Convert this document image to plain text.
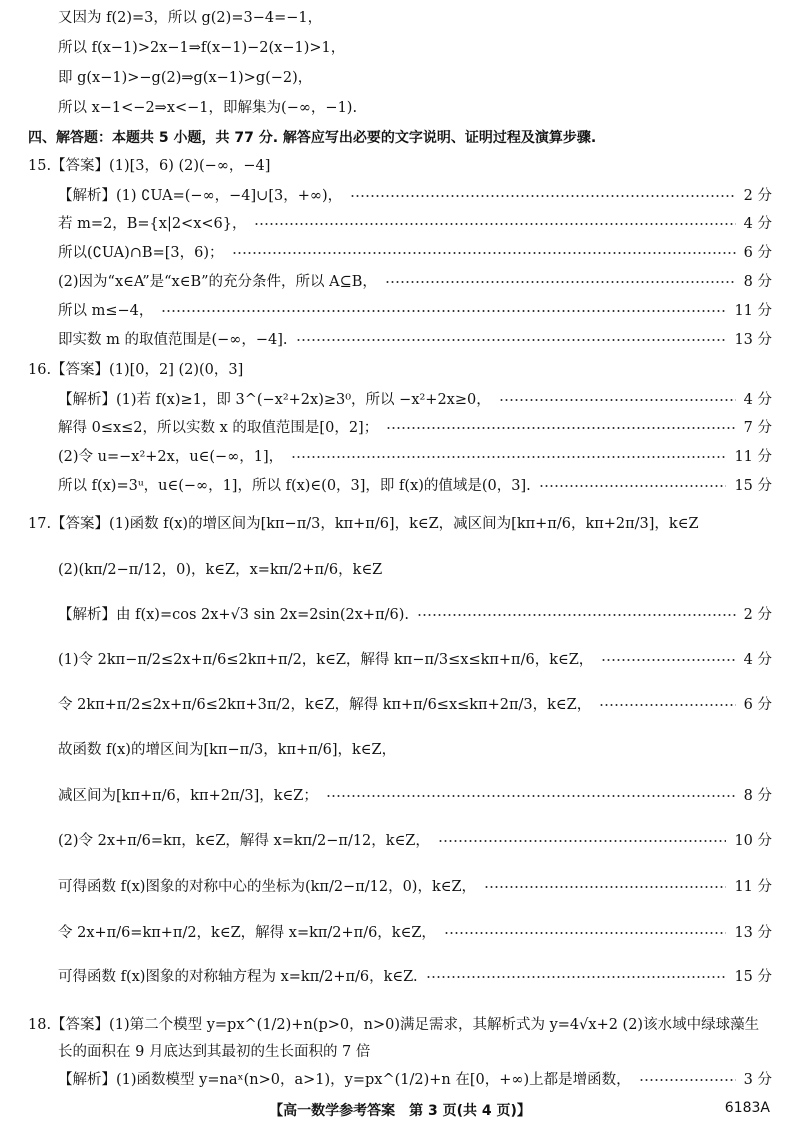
又因为 f(2)=3，所以 g(2)=3−4=−1，
所以 f(x−1)>2x−1⇒f(x−1)−2(x−1)>1，
即 g(x−1)>−g(2)⇒g(x−1)>g(−2)，
所以 x−1<−2⇒x<−1，即解集为(−∞，−1).
四、解答题：本题共 5 小题，共 77 分. 解答应写出必要的文字说明、证明过程及演算步骤.
15.【答案】(1)[3，6) (2)(−∞，−4]
【解析】(1) ∁UA=(−∞，−4]∪[3，+∞)，	2 分
若 m=2，B={x|2<x<6}，	4 分
所以(∁UA)∩B=[3，6)；	6 分
(2)因为“x∈A”是“x∈B”的充分条件，所以 A⊆B，	8 分
所以 m≤−4，	11 分
即实数 m 的取值范围是(−∞，−4].	13 分
16.【答案】(1)[0，2] (2)(0，3]
【解析】(1)若 f(x)≥1，即 3^(−x²+2x)≥3⁰，所以 −x²+2x≥0，	4 分
解得 0≤x≤2，所以实数 x 的取值范围是[0，2]；	7 分
(2)令 u=−x²+2x，u∈(−∞，1]，	11 分
所以 f(x)=3ᵘ，u∈(−∞，1]，所以 f(x)∈(0，3]，即 f(x)的值域是(0，3].	15 分
17.【答案】(1)函数 f(x)的增区间为[kπ−π/3，kπ+π/6]，k∈Z，减区间为[kπ+π/6，kπ+2π/3]，k∈Z
(2)(kπ/2−π/12，0)，k∈Z，x=kπ/2+π/6，k∈Z
【解析】由 f(x)=cos 2x+√3 sin 2x=2sin(2x+π/6).	2 分
(1)令 2kπ−π/2≤2x+π/6≤2kπ+π/2，k∈Z，解得 kπ−π/3≤x≤kπ+π/6，k∈Z，	4 分
令 2kπ+π/2≤2x+π/6≤2kπ+3π/2，k∈Z，解得 kπ+π/6≤x≤kπ+2π/3，k∈Z，	6 分
故函数 f(x)的增区间为[kπ−π/3，kπ+π/6]，k∈Z，
减区间为[kπ+π/6，kπ+2π/3]，k∈Z；	8 分
(2)令 2x+π/6=kπ，k∈Z，解得 x=kπ/2−π/12，k∈Z，	10 分
可得函数 f(x)图象的对称中心的坐标为(kπ/2−π/12，0)，k∈Z，	11 分
令 2x+π/6=kπ+π/2，k∈Z，解得 x=kπ/2+π/6，k∈Z，	13 分
可得函数 f(x)图象的对称轴方程为 x=kπ/2+π/6，k∈Z.	15 分
18.【答案】(1)第二个模型 y=px^(1/2)+n(p>0，n>0)满足需求，其解析式为 y=4√x+2 (2)该水域中绿球藻生
长的面积在 9 月底达到其最初的生长面积的 7 倍
【解析】(1)函数模型 y=naˣ(n>0，a>1)，y=px^(1/2)+n 在[0，+∞)上都是增函数，	3 分
【高一数学参考答案　第 3 页(共 4 页)】	6183A
